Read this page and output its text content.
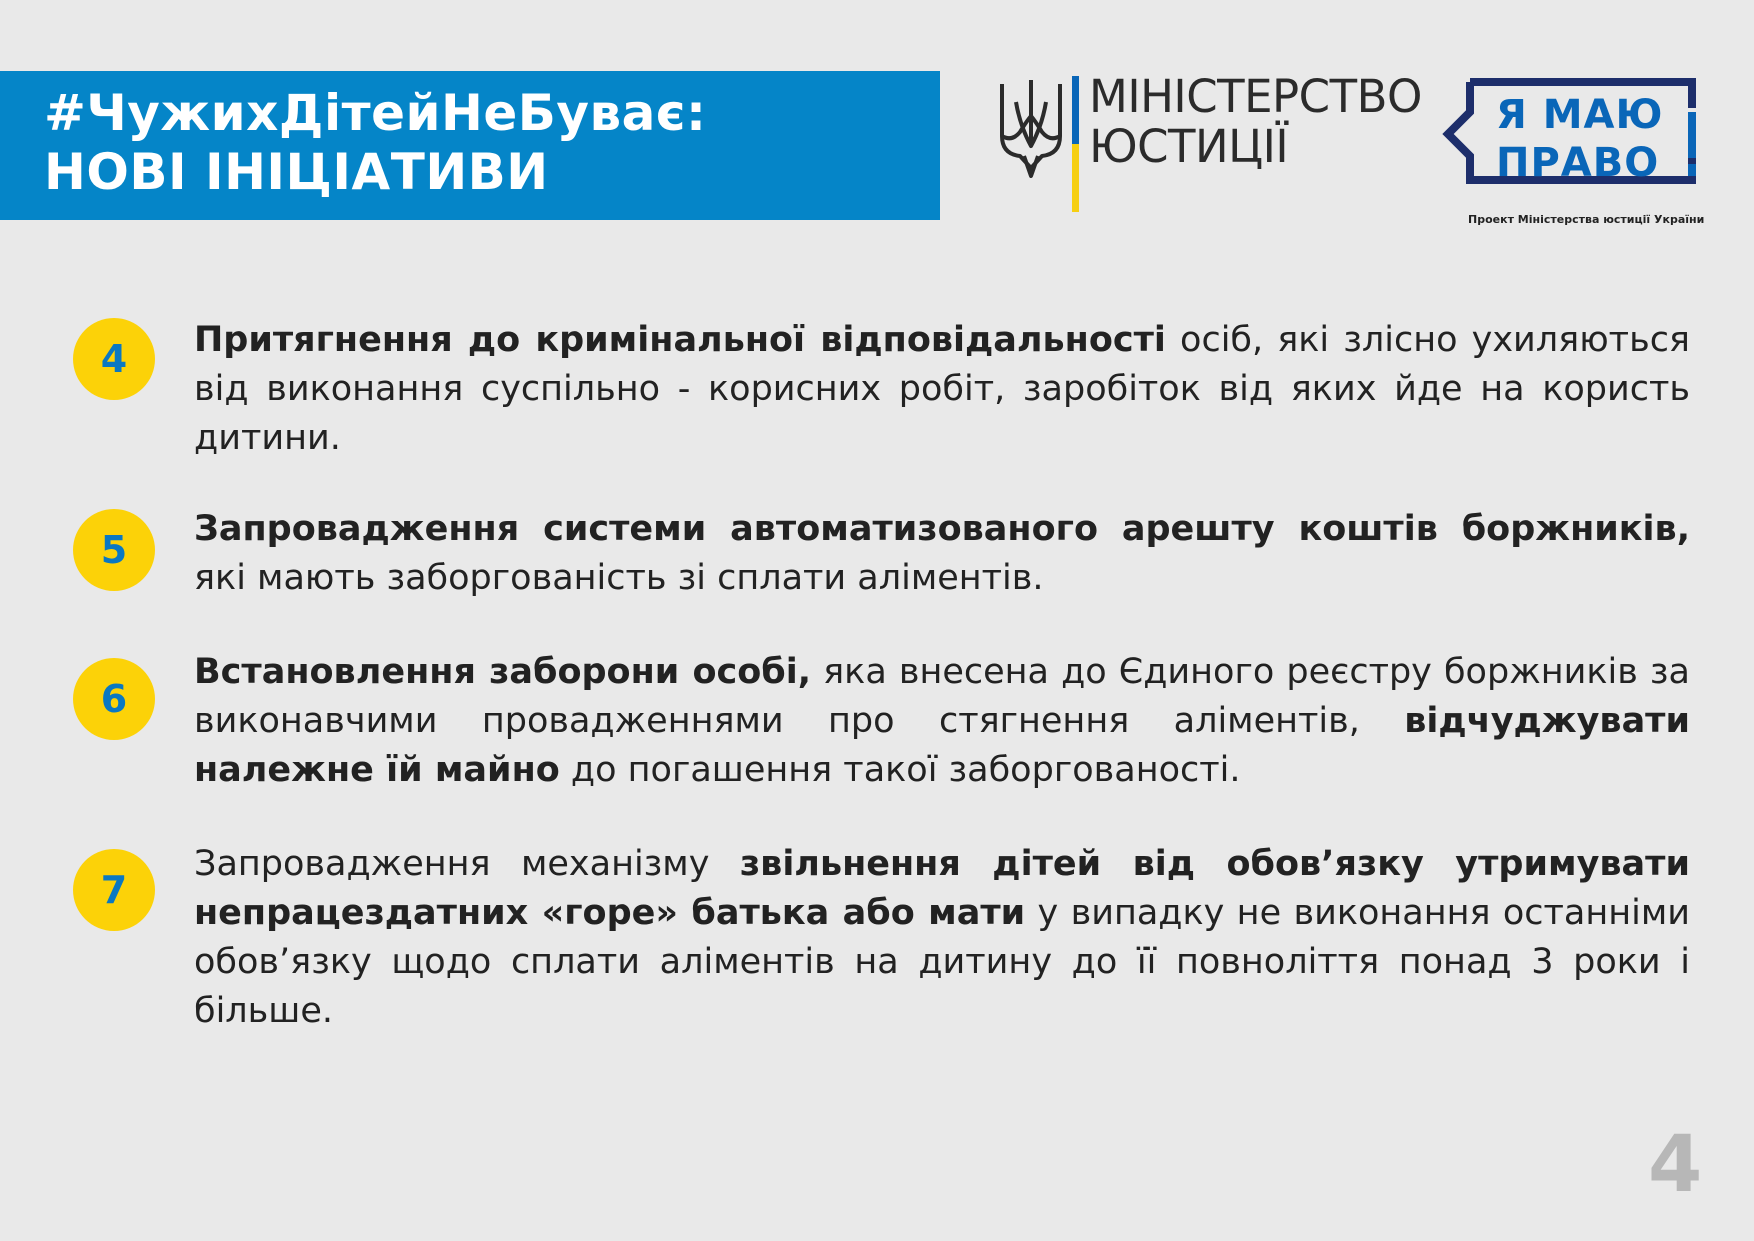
#ЧужихДітейНеБуває:
НОВІ ІНІЦІАТИВИ
МІНІСТЕРСТВО
ЮСТИЦІЇ
Я МАЮ
ПРАВО
Проект Міністерства юстиції України
4	Притягнення до кримінальної відповідальності осіб, які злісно ухиляються від виконання суспільно - корисних робіт, заробіток від яких йде на користь дитини.
5	Запровадження системи автоматизованого арешту коштів боржників, які мають заборгованість зі сплати аліментів.
6
Встановлення заборони особі, яка внесена до Єдиного реєстру боржників за виконавчими провадженнями про стягнення аліментів, відчуджувати належне їй майно до погашення такої заборгованості.
7
Запровадження механізму звільнення дітей від обов’язку утримувати непрацездатних «горе» батька або мати у випадку не виконання останніми обов’язку щодо сплати аліментів на дитину до її повноліття понад 3 роки і більше.
4
